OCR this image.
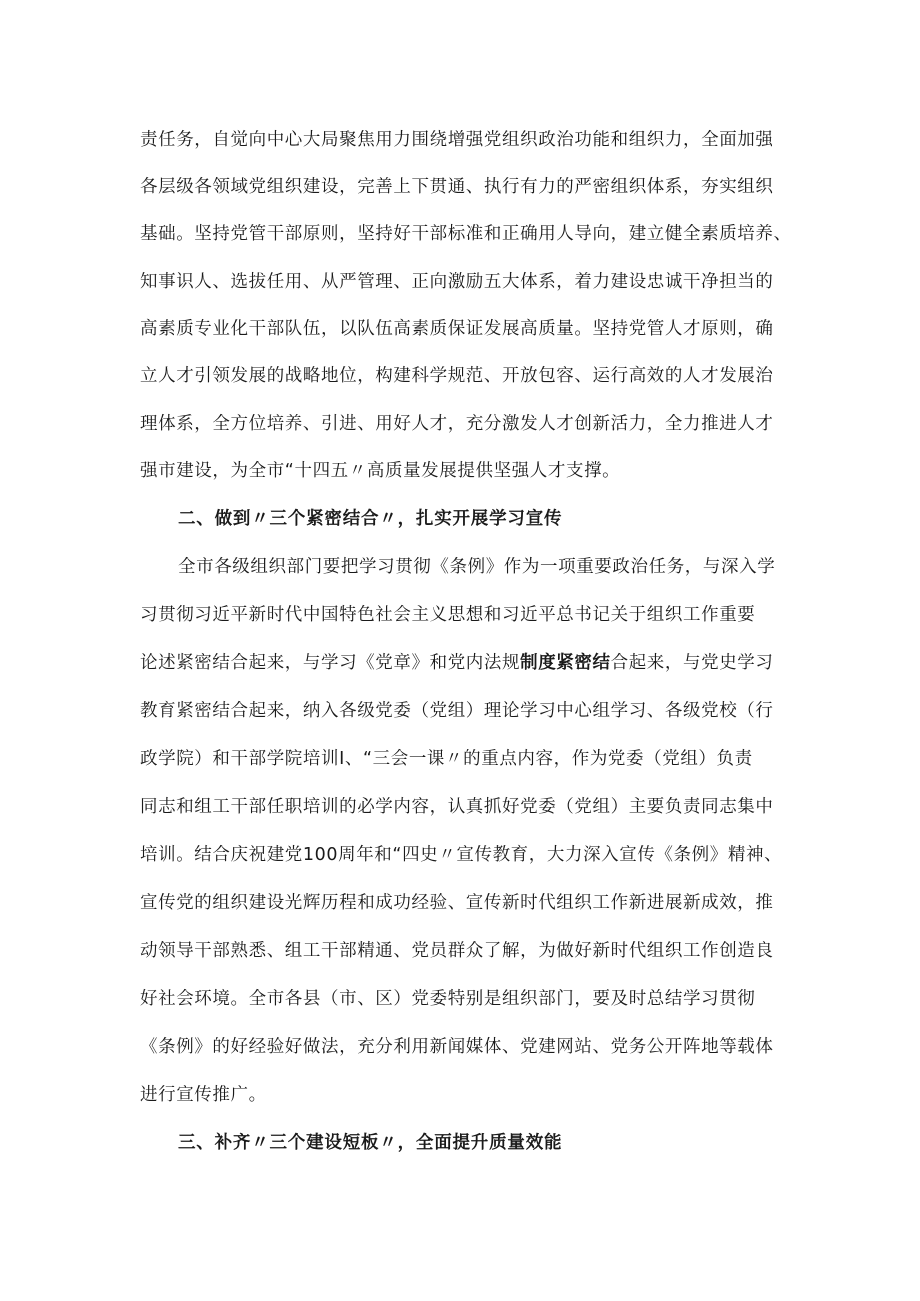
责任务，自觉向中心大局聚焦用力围绕增强党组织政治功能和组织力，全面加强
各层级各领域党组织建设，完善上下贯通、执行有力的严密组织体系，夯实组织
基础。坚持党管干部原则，坚持好干部标准和正确用人导向，建立健全素质培养、
知事识人、选拔任用、从严管理、正向激励五大体系，着力建设忠诚干净担当的
高素质专业化干部队伍，以队伍高素质保证发展高质量。坚持党管人才原则，确
立人才引领发展的战略地位，构建科学规范、开放包容、运行高效的人才发展治
理体系，全方位培养、引进、用好人才，充分激发人才创新活力，全力推进人才
强市建设，为全市“十四五〃高质量发展提供坚强人才支撑。
二、做到〃三个紧密结合〃，扎实开展学习宣传
全市各级组织部门要把学习贯彻《条例》作为一项重要政治任务，与深入学
习贯彻习近平新时代中国特色社会主义思想和习近平总书记关于组织工作重要
论述紧密结合起来，与学习《党章》和党内法规制度紧密结合起来，与党史学习
教育紧密结合起来，纳入各级党委（党组）理论学习中心组学习、各级党校（行
政学院）和干部学院培训I、“三会一课〃的重点内容，作为党委（党组）负责
同志和组工干部任职培训的必学内容，认真抓好党委（党组）主要负责同志集中
培训。结合庆祝建党100周年和“四史〃宣传教育，大力深入宣传《条例》精神、
宣传党的组织建设光辉历程和成功经验、宣传新时代组织工作新进展新成效，推
动领导干部熟悉、组工干部精通、党员群众了解，为做好新时代组织工作创造良
好社会环境。全市各县（市、区）党委特别是组织部门，要及时总结学习贯彻
《条例》的好经验好做法，充分利用新闻媒体、党建网站、党务公开阵地等载体
进行宣传推广。
三、补齐〃三个建设短板〃，全面提升质量效能
